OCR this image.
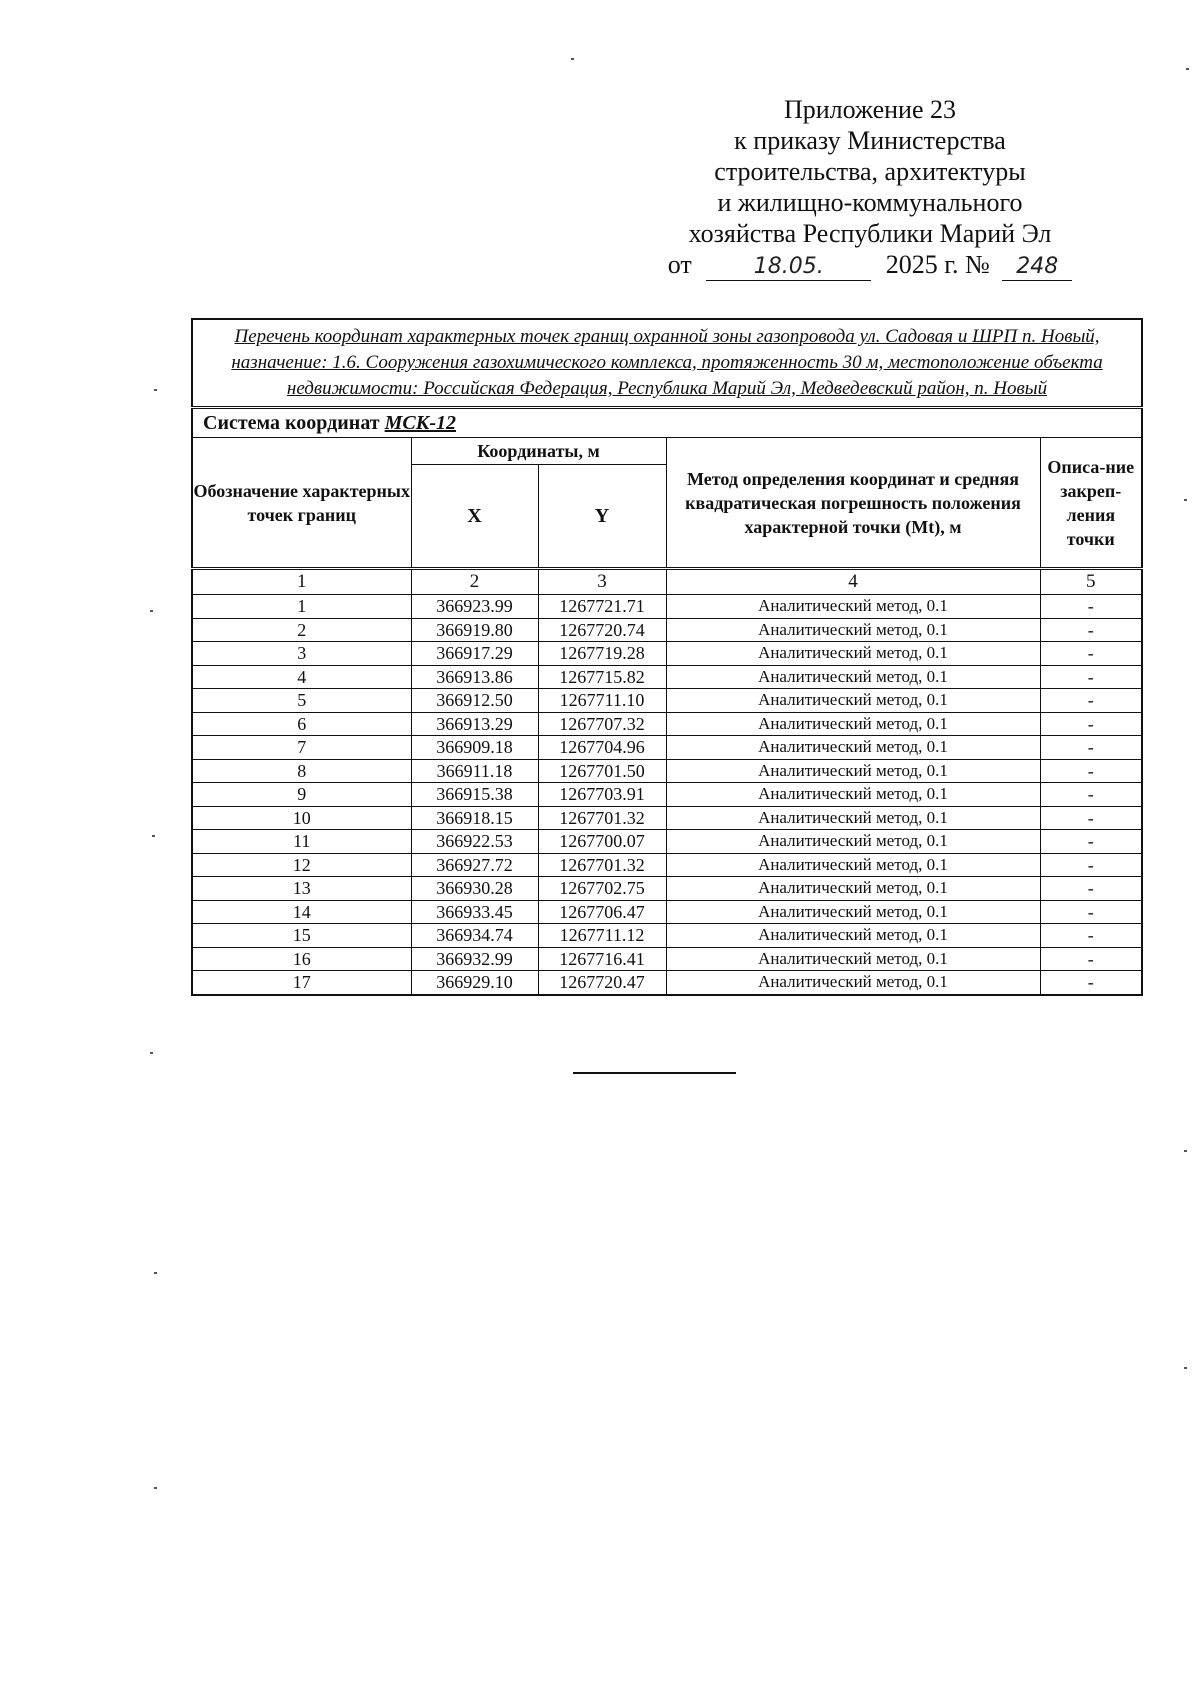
Приложение 23
к приказу Министерства
строительства, архитектуры
и жилищно-коммунального
хозяйства Республики Марий Эл
от	18.05. 2025 г. № 248
Перечень координат характерных точек границ охранной зоны газопровода ул. Садовая и ШРП п. Новый, назначение: 1.6. Сооружения газохимического комплекса, протяженность 30 м, местоположение объекта недвижимости: Российская Федерация, Республика Марий Эл, Медведевский район, п. Новый				
Система координат МСК-12				
Обозначение характерных точек границ	Координаты, м		Метод определения координат и средняя квадратическая погрешность положения характерной точки (Mt), м	Описа-ние закреп-ления точки
	X	Y		
1	2	3	4	5
1	366923.99	1267721.71	Аналитический метод, 0.1	-
2	366919.80	1267720.74	Аналитический метод, 0.1	-
3	366917.29	1267719.28	Аналитический метод, 0.1	-
4	366913.86	1267715.82	Аналитический метод, 0.1	-
5	366912.50	1267711.10	Аналитический метод, 0.1	-
6	366913.29	1267707.32	Аналитический метод, 0.1	-
7	366909.18	1267704.96	Аналитический метод, 0.1	-
8	366911.18	1267701.50	Аналитический метод, 0.1	-
9	366915.38	1267703.91	Аналитический метод, 0.1	-
10	366918.15	1267701.32	Аналитический метод, 0.1	-
11	366922.53	1267700.07	Аналитический метод, 0.1	-
12	366927.72	1267701.32	Аналитический метод, 0.1	-
13	366930.28	1267702.75	Аналитический метод, 0.1	-
14	366933.45	1267706.47	Аналитический метод, 0.1	-
15	366934.74	1267711.12	Аналитический метод, 0.1	-
16	366932.99	1267716.41	Аналитический метод, 0.1	-
17	366929.10	1267720.47	Аналитический метод, 0.1	-
